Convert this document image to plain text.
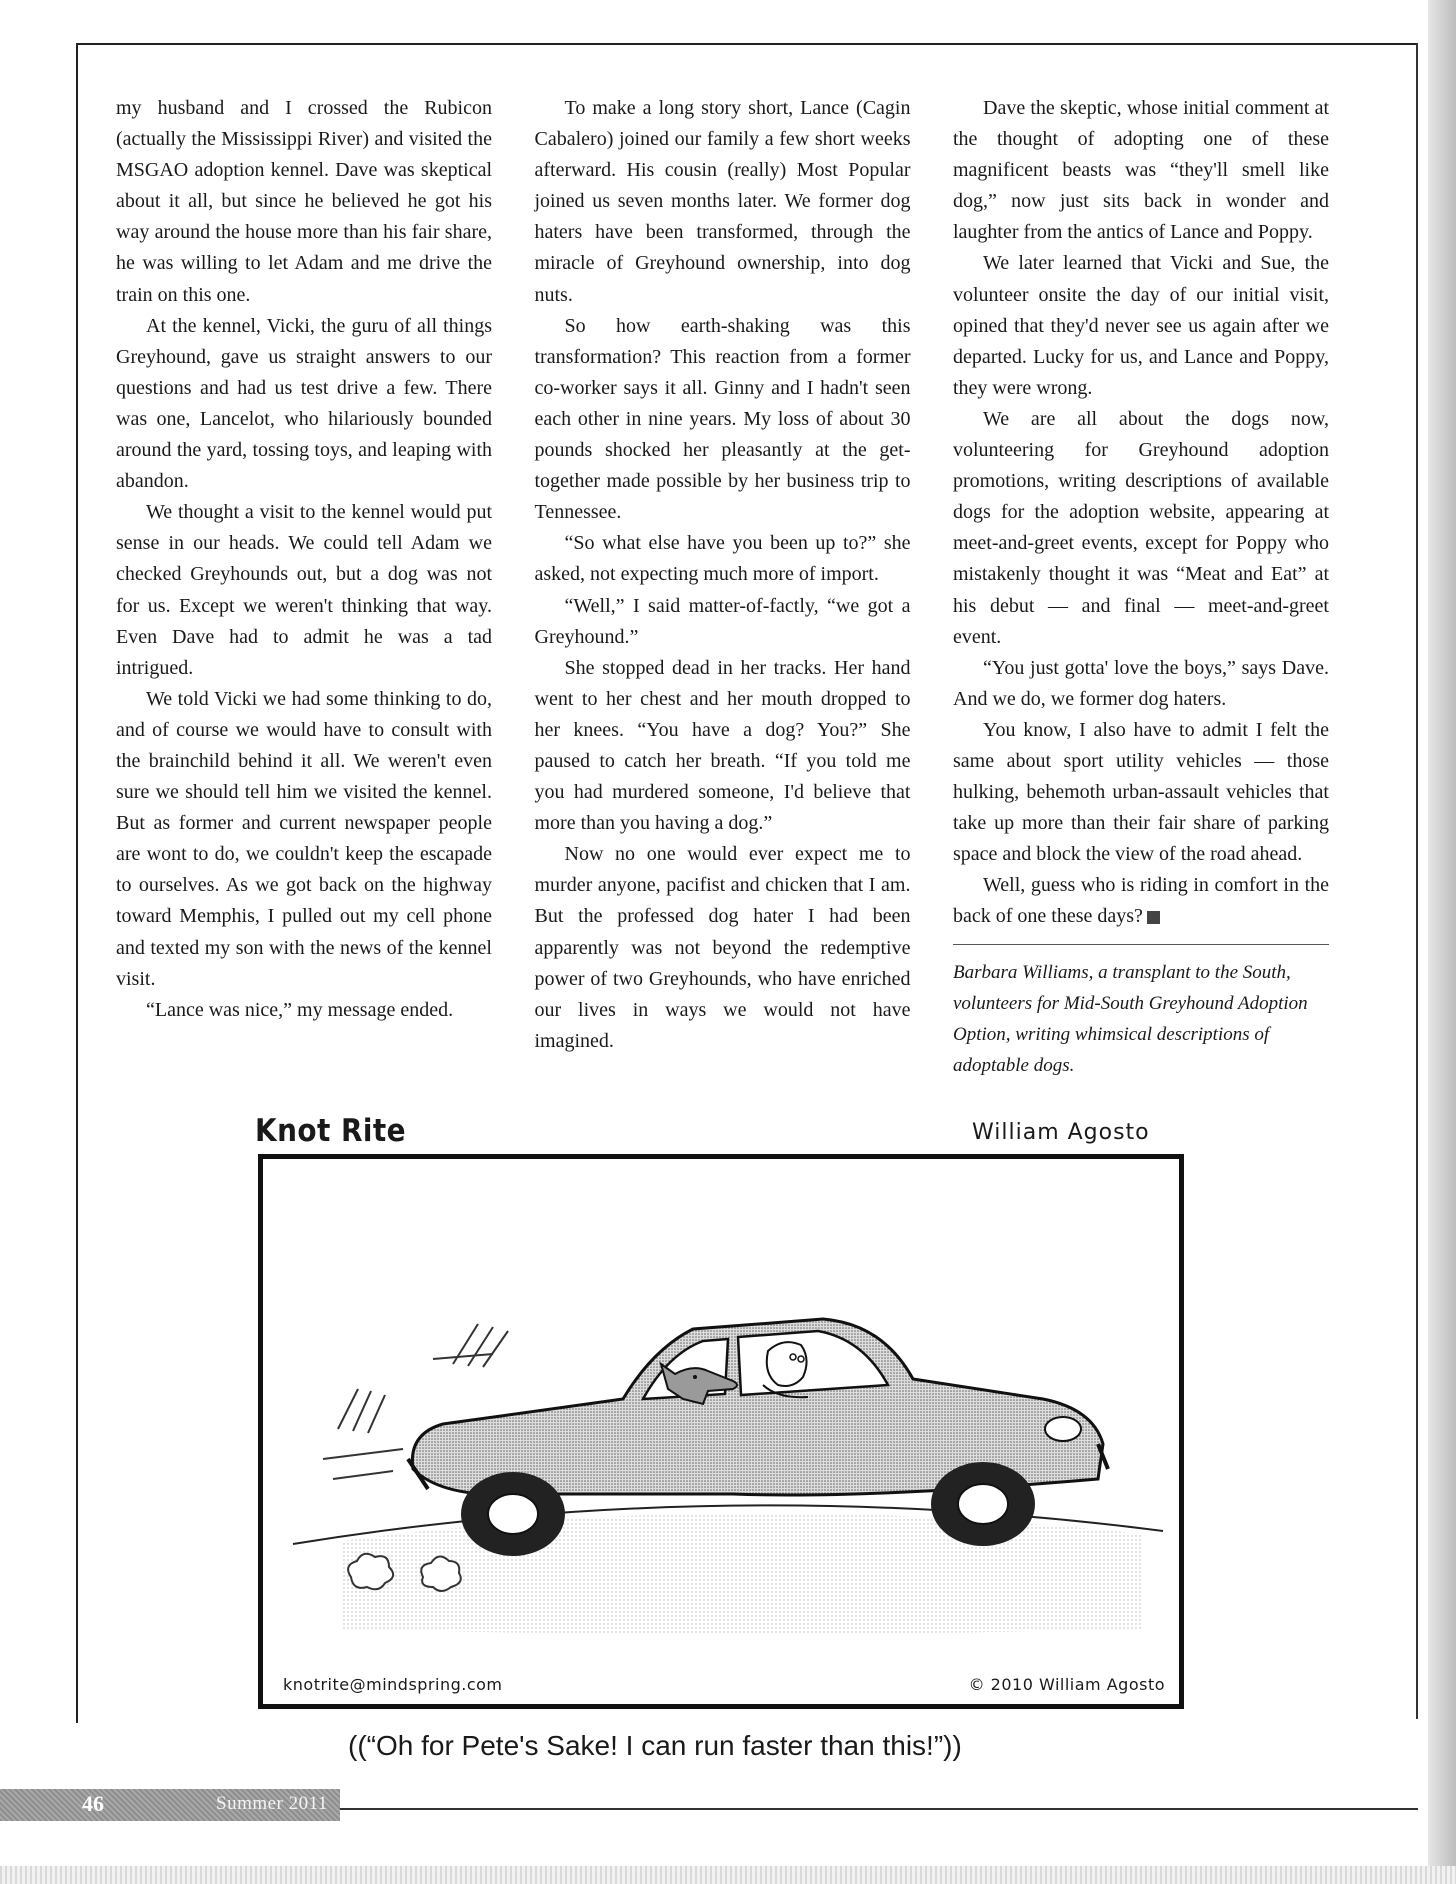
my husband and I crossed the Rubicon (actually the Mississippi River) and visited the MSGAO adoption kennel. Dave was skeptical about it all, but since he believed he got his way around the house more than his fair share, he was willing to let Adam and me drive the train on this one.

At the kennel, Vicki, the guru of all things Greyhound, gave us straight answers to our questions and had us test drive a few. There was one, Lancelot, who hilariously bounded around the yard, tossing toys, and leaping with abandon.

We thought a visit to the kennel would put sense in our heads. We could tell Adam we checked Greyhounds out, but a dog was not for us. Except we weren't thinking that way. Even Dave had to admit he was a tad intrigued.

We told Vicki we had some thinking to do, and of course we would have to consult with the brainchild behind it all. We weren't even sure we should tell him we visited the kennel. But as former and current newspaper people are wont to do, we couldn't keep the escapade to ourselves. As we got back on the highway toward Memphis, I pulled out my cell phone and texted my son with the news of the kennel visit.

“Lance was nice,” my message ended.

To make a long story short, Lance (Cagin Cabalero) joined our family a few short weeks afterward. His cousin (really) Most Popular joined us seven months later. We former dog haters have been transformed, through the miracle of Greyhound ownership, into dog nuts.

So how earth-shaking was this transformation? This reaction from a former co-worker says it all. Ginny and I hadn't seen each other in nine years. My loss of about 30 pounds shocked her pleasantly at the get-together made possible by her business trip to Tennessee.

“So what else have you been up to?” she asked, not expecting much more of import.

“Well,” I said matter-of-factly, “we got a Greyhound.”

She stopped dead in her tracks. Her hand went to her chest and her mouth dropped to her knees. “You have a dog? You?” She paused to catch her breath. “If you told me you had murdered someone, I'd believe that more than you having a dog.”

Now no one would ever expect me to murder anyone, pacifist and chicken that I am. But the professed dog hater I had been apparently was not beyond the redemptive power of two Greyhounds, who have enriched our lives in ways we would not have imagined.

Dave the skeptic, whose initial comment at the thought of adopting one of these magnificent beasts was “they'll smell like dog,” now just sits back in wonder and laughter from the antics of Lance and Poppy.

We later learned that Vicki and Sue, the volunteer onsite the day of our initial visit, opined that they'd never see us again after we departed. Lucky for us, and Lance and Poppy, they were wrong.

We are all about the dogs now, volunteering for Greyhound adoption promotions, writing descriptions of available dogs for the adoption website, appearing at meet-and-greet events, except for Poppy who mistakenly thought it was “Meat and Eat” at his debut — and final — meet-and-greet event.

“You just gotta' love the boys,” says Dave. And we do, we former dog haters.

You know, I also have to admit I felt the same about sport utility vehicles — those hulking, behemoth urban-assault vehicles that take up more than their fair share of parking space and block the view of the road ahead.

Well, guess who is riding in comfort in the back of one these days?

Barbara Williams, a transplant to the South, volunteers for Mid-South Greyhound Adoption Option, writing whimsical descriptions of adoptable dogs.

Knot Rite	William Agosto
knotrite@mindspring.com	© 2010 William Agosto
((“Oh for Pete's Sake! I can run faster than this!”))
46	Summer 2011
